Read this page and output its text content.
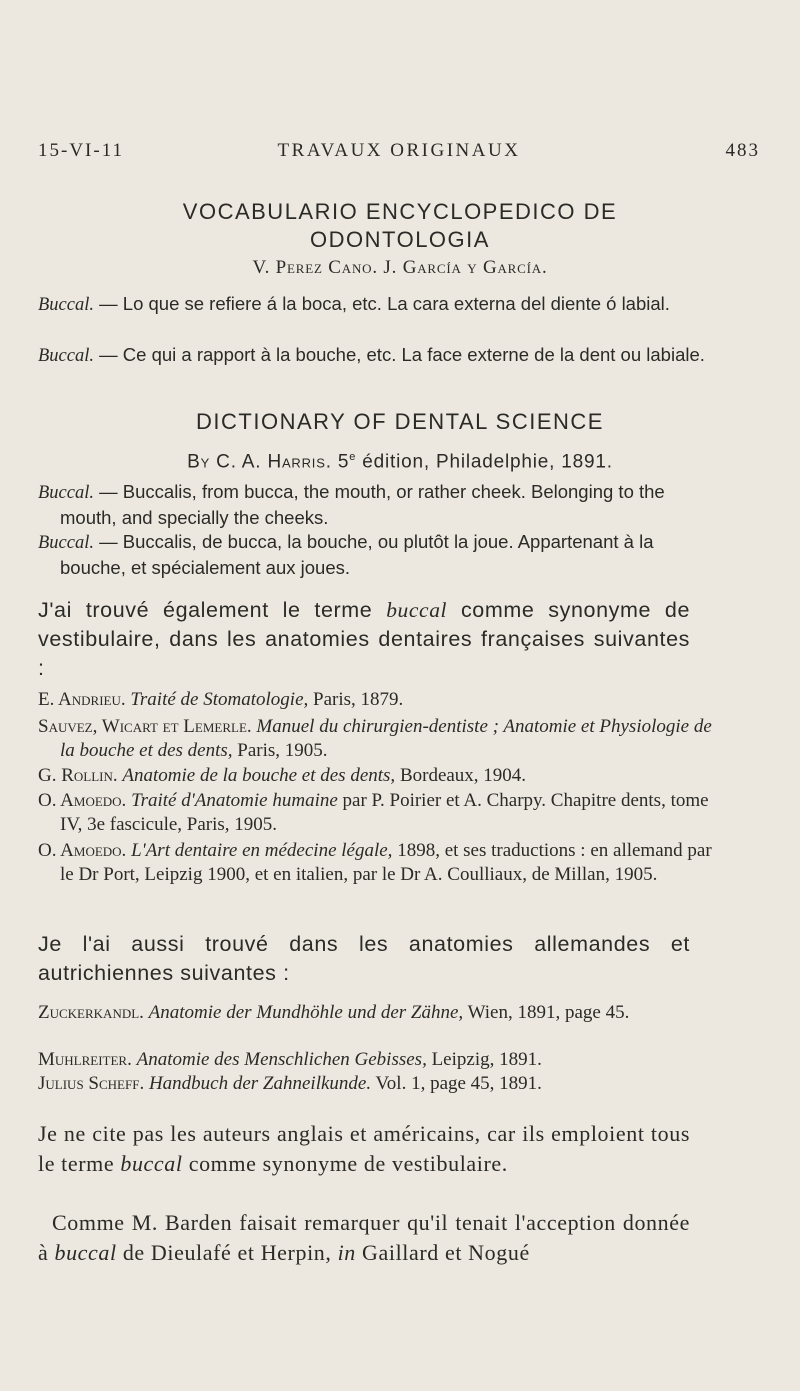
15-VI-11	TRAVAUX ORIGINAUX	483
VOCABULARIO ENCYCLOPEDICO DE
ODONTOLOGIA
V. Perez Cano. J. García y García.
Buccal. — Lo que se refiere á la boca, etc. La cara externa del diente ó labial.
Buccal. — Ce qui a rapport à la bouche, etc. La face externe de la dent ou labiale.
DICTIONARY OF DENTAL SCIENCE
By C. A. Harris. 5e édition, Philadelphie, 1891.
Buccal. — Buccalis, from bucca, the mouth, or rather cheek. Belonging to the mouth, and specially the cheeks.
Buccal. — Buccalis, de bucca, la bouche, ou plutôt la joue. Appartenant à la bouche, et spécialement aux joues.
J'ai trouvé également le terme buccal comme synonyme de vestibulaire, dans les anatomies dentaires françaises suivantes :
E. Andrieu. Traité de Stomatologie, Paris, 1879.
Sauvez, Wicart et Lemerle. Manuel du chirurgien-dentiste ; Anatomie et Physiologie de la bouche et des dents, Paris, 1905.
G. Rollin. Anatomie de la bouche et des dents, Bordeaux, 1904.
O. Amoedo. Traité d'Anatomie humaine par P. Poirier et A. Charpy. Chapitre dents, tome IV, 3e fascicule, Paris, 1905.
O. Amoedo. L'Art dentaire en médecine légale, 1898, et ses traductions : en allemand par le Dr Port, Leipzig 1900, et en italien, par le Dr A. Coulliaux, de Millan, 1905.
Je l'ai aussi trouvé dans les anatomies allemandes et autrichiennes suivantes :
Zuckerkandl. Anatomie der Mundhöhle und der Zähne, Wien, 1891, page 45.
Muhlreiter. Anatomie des Menschlichen Gebisses, Leipzig, 1891.
Julius Scheff. Handbuch der Zahneilkunde. Vol. 1, page 45, 1891.
Je ne cite pas les auteurs anglais et américains, car ils emploient tous le terme buccal comme synonyme de vestibulaire.
Comme M. Barden faisait remarquer qu'il tenait l'acception donnée à buccal de Dieulafé et Herpin, in Gaillard et Nogué
